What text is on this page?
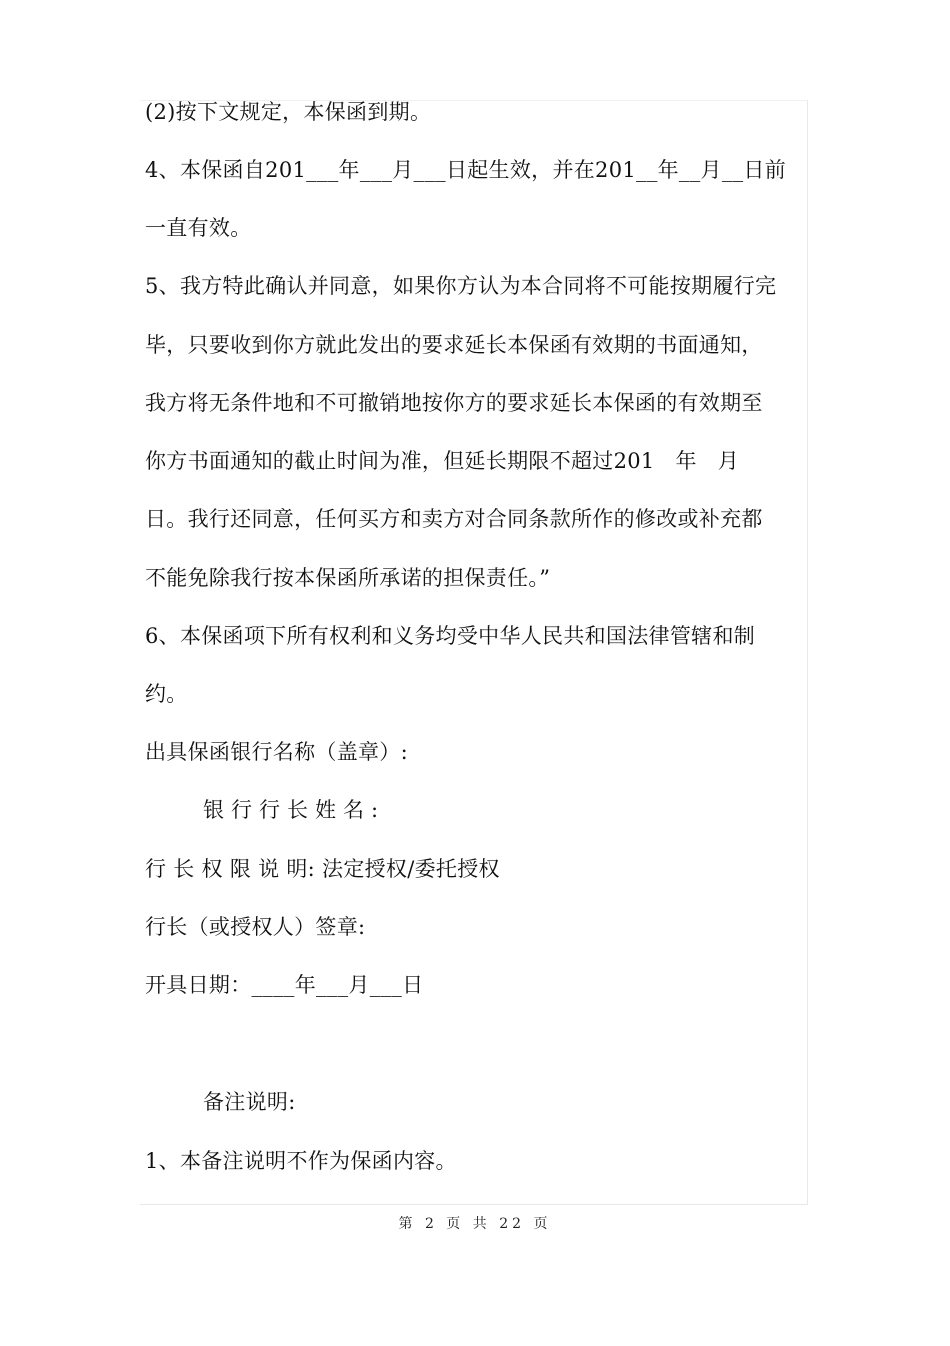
(2)按下文规定，本保函到期。
4、本保函自201___年___月___日起生效，并在201__年__月__日前
一直有效。
5、我方特此确认并同意，如果你方认为本合同将不可能按期履行完
毕，只要收到你方就此发出的要求延长本保函有效期的书面通知，
我方将无条件地和不可撤销地按你方的要求延长本保函的有效期至
你方书面通知的截止时间为准，但延长期限不超过201   年   月
日。我行还同意，任何买方和卖方对合同条款所作的修改或补充都
不能免除我行按本保函所承诺的担保责任。”
6、本保函项下所有权利和义务均受中华人民共和国法律管辖和制
约。
出具保函银行名称（盖章）:
银行行长姓名:
行 长 权 限 说 明: 法定授权/委托授权
行长（或授权人）签章:
开具日期：____年___月___日
备注说明:
1、本备注说明不作为保函内容。
第 2 页 共 22 页
